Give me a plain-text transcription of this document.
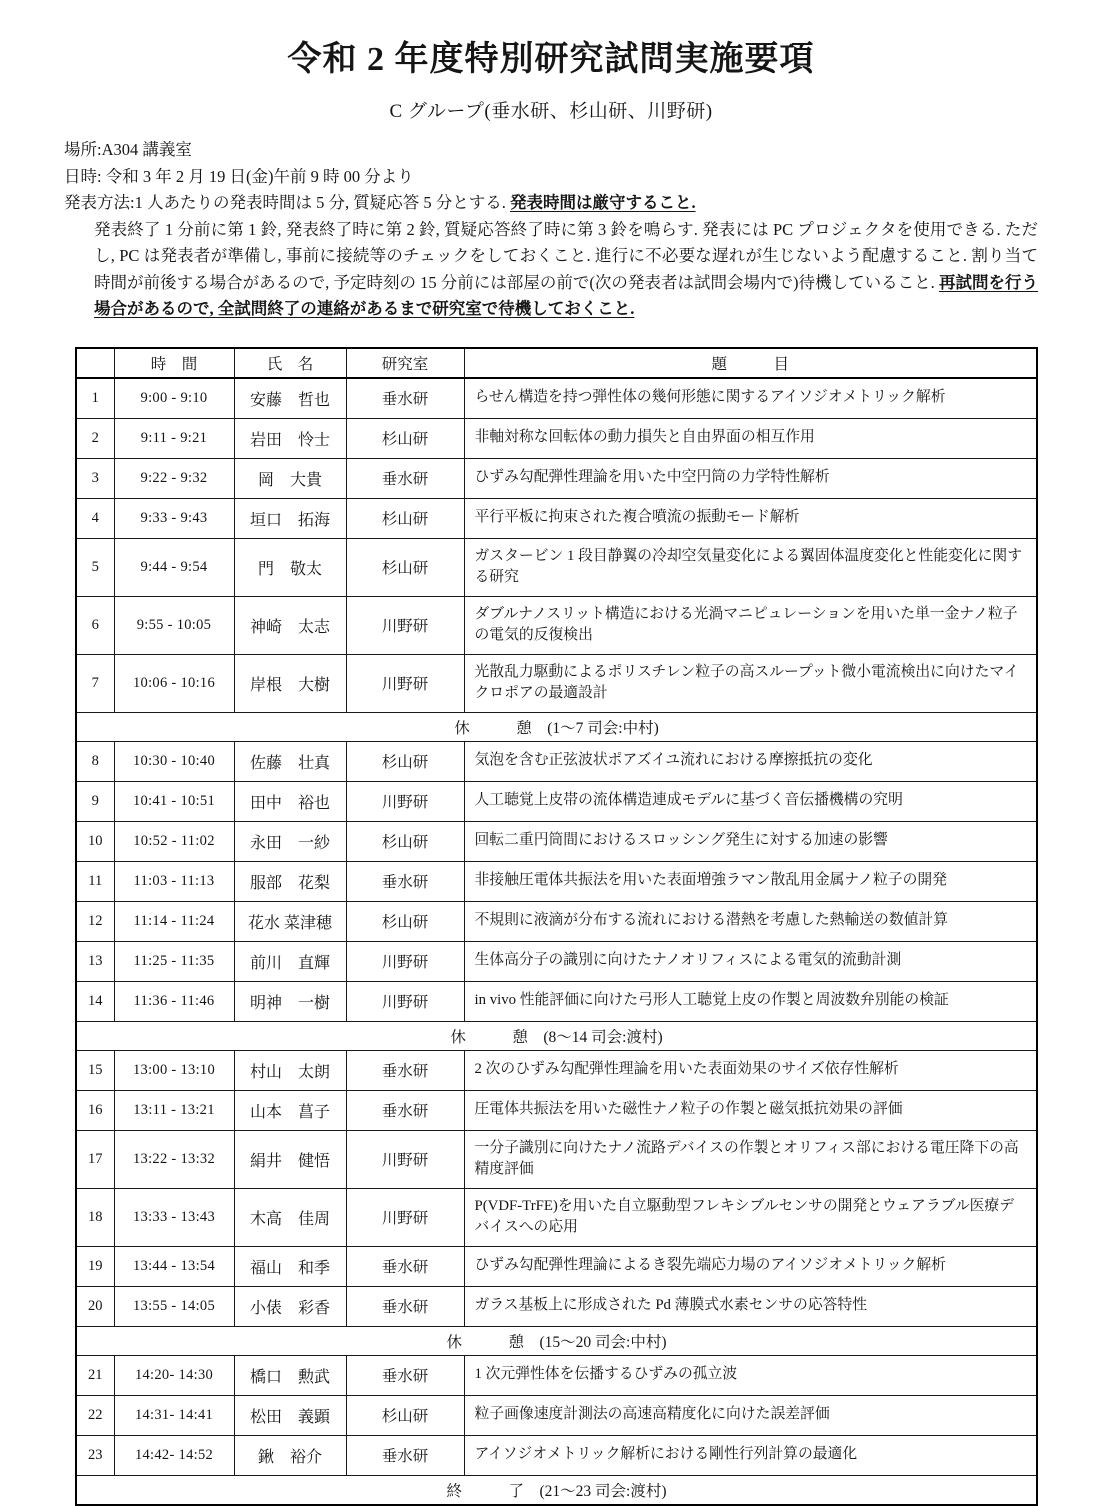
令和 2 年度特別研究試問実施要項
C グループ(垂水研、杉山研、川野研)
場所:A304 講義室
日時: 令和 3 年 2 月 19 日(金)午前 9 時 00 分より
発表方法:1 人あたりの発表時間は 5 分, 質疑応答 5 分とする. 発表時間は厳守すること.
発表終了 1 分前に第 1 鈴, 発表終了時に第 2 鈴, 質疑応答終了時に第 3 鈴を鳴らす. 発表には PC プロジェクタを使用できる. ただし, PC は発表者が準備し, 事前に接続等のチェックをしておくこと. 進行に不必要な遅れが生じないよう配慮すること. 割り当て時間が前後する場合があるので, 予定時刻の 15 分前には部屋の前で(次の発表者は試問会場内で)待機していること. 再試問を行う場合があるので, 全試問終了の連絡があるまで研究室で待機しておくこと.
	時　間	氏　名	研究室	題　　　目
1	9:00 - 9:10	安藤　哲也	垂水研	らせん構造を持つ弾性体の幾何形態に関するアイソジオメトリック解析
2	9:11 - 9:21	岩田　怜士	杉山研	非軸対称な回転体の動力損失と自由界面の相互作用
3	9:22 - 9:32	岡　大貴	垂水研	ひずみ勾配弾性理論を用いた中空円筒の力学特性解析
4	9:33 - 9:43	垣口　拓海	杉山研	平行平板に拘束された複合噴流の振動モード解析
5	9:44 - 9:54	門　敬太	杉山研	ガスタービン 1 段目静翼の冷却空気量変化による翼固体温度変化と性能変化に関する研究
6	9:55 - 10:05	神崎　太志	川野研	ダブルナノスリット構造における光渦マニピュレーションを用いた単一金ナノ粒子の電気的反復検出
7	10:06 - 10:16	岸根　大樹	川野研	光散乱力駆動によるポリスチレン粒子の高スループット微小電流検出に向けたマイクロポアの最適設計
休　　　憩　(1～7 司会:中村)				
8	10:30 - 10:40	佐藤　壮真	杉山研	気泡を含む正弦波状ポアズイユ流れにおける摩擦抵抗の変化
9	10:41 - 10:51	田中　裕也	川野研	人工聴覚上皮帯の流体構造連成モデルに基づく音伝播機構の究明
10	10:52 - 11:02	永田　一紗	杉山研	回転二重円筒間におけるスロッシング発生に対する加速の影響
11	11:03 - 11:13	服部　花梨	垂水研	非接触圧電体共振法を用いた表面増強ラマン散乱用金属ナノ粒子の開発
12	11:14 - 11:24	花水 菜津穂	杉山研	不規則に液滴が分布する流れにおける潜熱を考慮した熱輸送の数値計算
13	11:25 - 11:35	前川　直輝	川野研	生体高分子の識別に向けたナノオリフィスによる電気的流動計測
14	11:36 - 11:46	明神　一樹	川野研	in vivo 性能評価に向けた弓形人工聴覚上皮の作製と周波数弁別能の検証
休　　　憩　(8～14 司会:渡村)				
15	13:00 - 13:10	村山　太朗	垂水研	2 次のひずみ勾配弾性理論を用いた表面効果のサイズ依存性解析
16	13:11 - 13:21	山本　菖子	垂水研	圧電体共振法を用いた磁性ナノ粒子の作製と磁気抵抗効果の評価
17	13:22 - 13:32	絹井　健悟	川野研	一分子識別に向けたナノ流路デバイスの作製とオリフィス部における電圧降下の高精度評価
18	13:33 - 13:43	木高　佳周	川野研	P(VDF-TrFE)を用いた自立駆動型フレキシブルセンサの開発とウェアラブル医療デバイスへの応用
19	13:44 - 13:54	福山　和季	垂水研	ひずみ勾配弾性理論によるき裂先端応力場のアイソジオメトリック解析
20	13:55 - 14:05	小俵　彩香	垂水研	ガラス基板上に形成された Pd 薄膜式水素センサの応答特性
休　　　憩　(15～20 司会:中村)				
21	14:20- 14:30	橋口　勲武	垂水研	1 次元弾性体を伝播するひずみの孤立波
22	14:31- 14:41	松田　義顕	杉山研	粒子画像速度計測法の高速高精度化に向けた誤差評価
23	14:42- 14:52	鍬　裕介	垂水研	アイソジオメトリック解析における剛性行列計算の最適化
終　　　了　(21～23 司会:渡村)				
